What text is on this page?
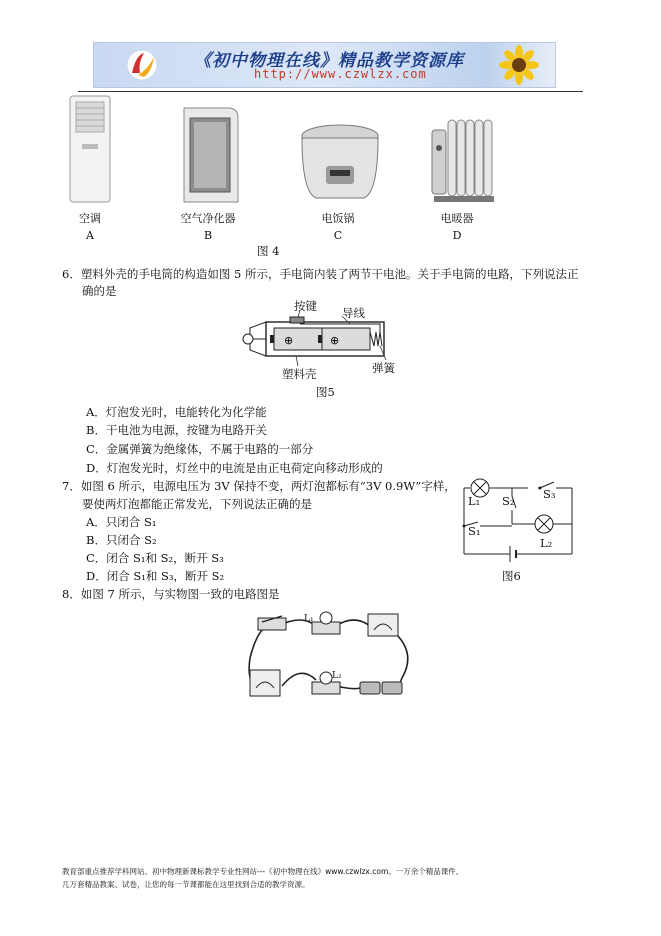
《初中物理在线》精品教学资源库
http://www.czwlzx.com
空调
A
空气净化器
B
电饭锅
C
电暖器
D
图 4
6．塑料外壳的手电筒的构造如图 5 所示，手电筒内装了两节干电池。关于手电筒的电路，下列说法正
确的是
⊕	⊕
按键 导线
塑料壳	弹簧
图5
A．灯泡发光时，电能转化为化学能
B．干电池为电源，按键为电路开关
C．金属弹簧为绝缘体，不属于电路的一部分
D．灯泡发光时，灯丝中的电流是由正电荷定向移动形成的
7．如图 6 所示，电源电压为 3V 保持不变，两灯泡都标有“3V 0.9W”字样，
要使两灯泡都能正常发光，下列说法正确的是
A．只闭合 S₁
B．只闭合 S₂
C．闭合 S₁和 S₂，断开 S₃
D．闭合 S₁和 S₃，断开 S₂
L₁ S₂ S₃
S₁
L₂
图6
8．如图 7 所示，与实物图一致的电路图是
L₁
L₂
教育部重点推荐学科网站、初中物理新课标教学专业性网站---《初中物理在线》www.czwlzx.com。一万余个精品课件、
几万套精品教案、试卷，让您的每一节课都能在这里找到合适的教学资源。
